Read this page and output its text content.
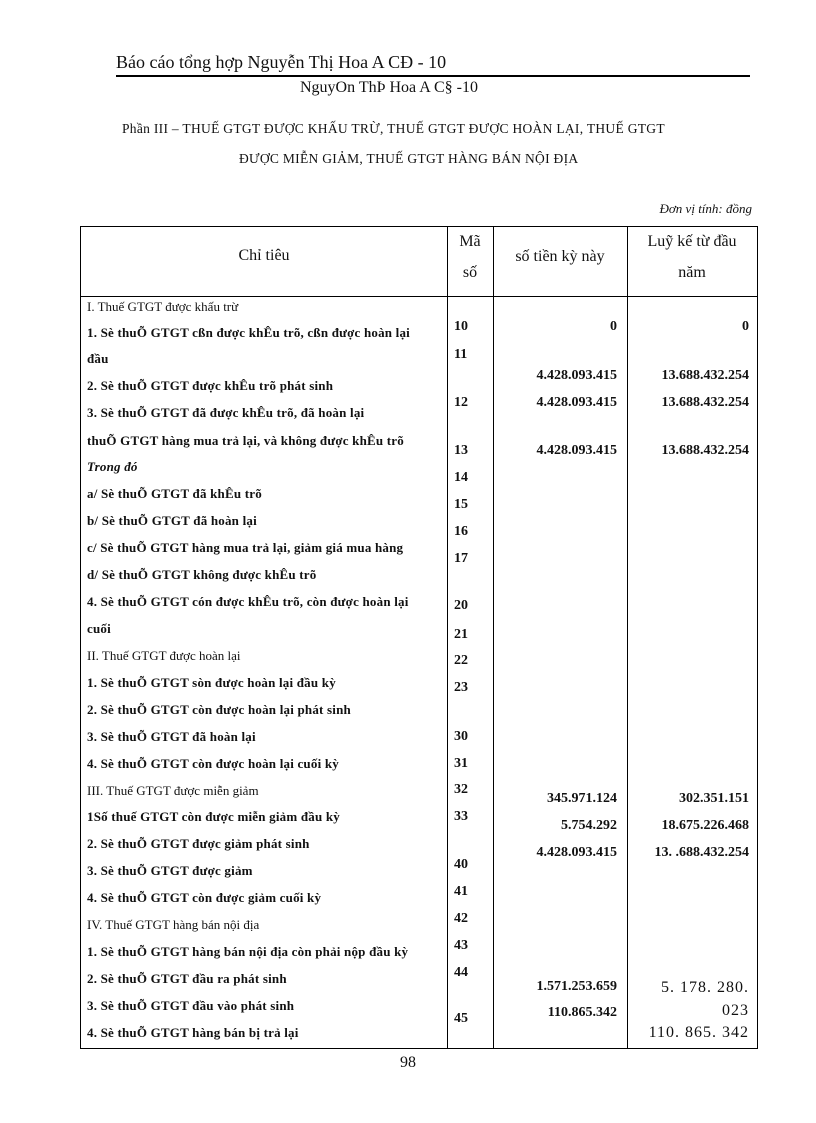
Báo cáo tổng hợp Nguyễn Thị Hoa A CĐ - 10
NguyOn ThÞ Hoa A C§ -10
Phần III – THUẾ GTGT ĐƯỢC KHẤU TRỪ, THUẾ GTGT ĐƯỢC HOÀN LẠI, THUẾ GTGT
ĐƯỢC MIỄN GIẢM, THUẾ GTGT HÀNG BÁN NỘI ĐỊA
Đơn vị tính: đồng
Chỉ tiêu
Mã
số
số tiền kỳ này
Luỹ kế từ đầu
năm
I. Thuế GTGT được khấu trừ
1. Sè thuÕ GTGT cßn được khÊu trõ, cßn được hoàn lại
đầu
2. Sè thuÕ GTGT được khÊu trõ phát sinh
3. Sè thuÕ GTGT đã được khÊu trõ, đã hoàn lại
thuÕ GTGT hàng mua trả lại, và không được khÊu trõ
Trong đó
a/ Sè thuÕ GTGT đã khÊu trõ
b/ Sè thuÕ GTGT đã hoàn lại
c/ Sè thuÕ GTGT hàng mua trả lại, giảm giá mua hàng
d/ Sè thuÕ GTGT không được khÊu trõ
4. Sè thuÕ GTGT cón được khÊu trõ, còn được hoàn lại
cuối
II. Thuế GTGT được hoàn lại
1. Sè thuÕ GTGT sòn được hoàn lại đầu kỳ
2. Sè thuÕ GTGT còn được hoàn lại phát sinh
3. Sè thuÕ GTGT đã hoàn lại
4. Sè thuÕ GTGT còn được hoàn lại cuối kỳ
III. Thuế GTGT được miễn giảm
1Số thuế GTGT còn được miễn giảm đầu kỳ
2. Sè thuÕ GTGT được giảm phát sinh
3. Sè thuÕ GTGT được giảm
4. Sè thuÕ GTGT còn được giảm cuối kỳ
IV. Thuế GTGT hàng bán nội địa
1. Sè thuÕ GTGT hàng bán nội địa còn phải nộp đầu kỳ
2. Sè thuÕ GTGT đầu ra phát sinh
3. Sè thuÕ GTGT đầu vào phát sinh
4. Sè thuÕ GTGT hàng bán bị trả lại
10
11
12
13
14
15
16
17
20
21
22
23
30
31
32
33
40
41
42
43
44
45
0
4.428.093.415
4.428.093.415
4.428.093.415
345.971.124
5.754.292
4.428.093.415
1.571.253.659
110.865.342
0
13.688.432.254
13.688.432.254
13.688.432.254
302.351.151
18.675.226.468
13. .688.432.254
5. 178. 280.
023
110. 865. 342
98
